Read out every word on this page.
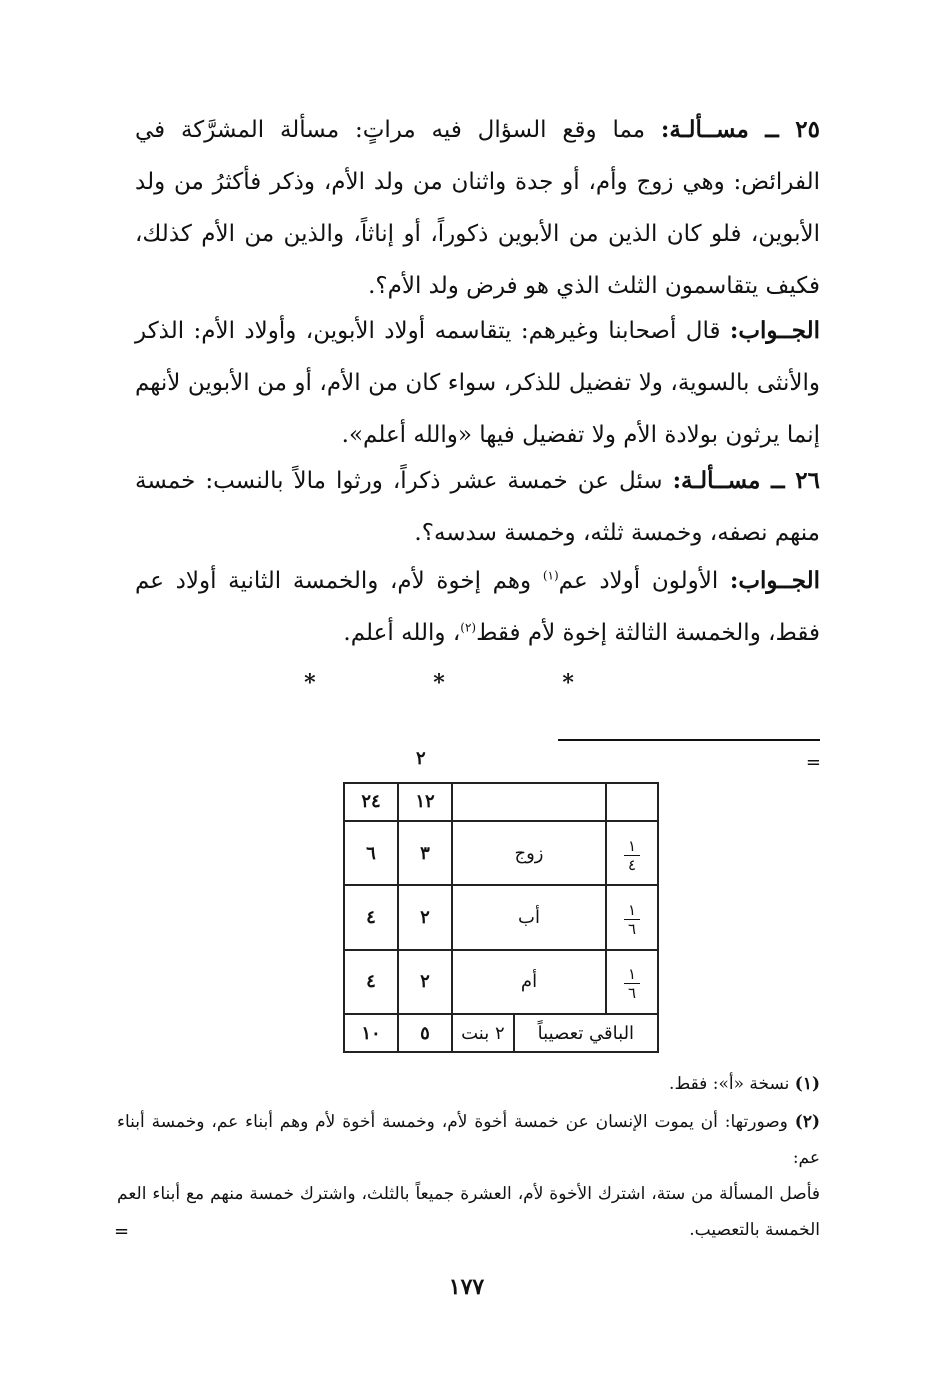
٢٥ ــ مســألـة: مما وقع السؤال فيه مراتٍ: مسألة المشرَّكة في الفرائض: وهي زوج وأم، أو جدة واثنان من ولد الأم، وذكر فأكثرُ من ولد الأبوين، فلو كان الذين من الأبوين ذكوراً، أو إناثاً، والذين من الأم كذلك، فكيف يتقاسمون الثلث الذي هو فرض ولد الأم؟.
الجــواب: قال أصحابنا وغيرهم: يتقاسمه أولاد الأبوين، وأولاد الأم: الذكر والأنثى بالسوية، ولا تفضيل للذكر، سواء كان من الأم، أو من الأبوين لأنهم إنما يرثون بولادة الأم ولا تفضيل فيها «والله أعلم».
٢٦ ــ مســألـة: سئل عن خمسة عشر ذكراً، ورثوا مالاً بالنسب: خمسة منهم نصفه، وخمسة ثلثه، وخمسة سدسه؟.
الجــواب: الأولون أولاد عم$^{(١)}$ وهم إخوة لأم، والخمسة الثانية أولاد عم فقط، والخمسة الثالثة إخوة لأم فقط$^{(٢)}$، والله أعلم.
* * *
=
٢
			١٢	٢٤

$\frac{١}{٤}$	زوج		٣	٦

$\frac{١}{٦}$	أب		٢	٤

$\frac{١}{٦}$	أم		٢	٤
الباقي تعصيباً		٢ بنت	٥	١٠
(١) نسخة «أ»: فقط.
(٢) وصورتها: أن يموت الإنسان عن خمسة أخوة لأم، وخمسة أخوة لأم وهم أبناء عم، وخمسة أبناء عم:
فأصل المسألة من ستة، اشترك الأخوة لأم، العشرة جميعاً بالثلث، واشترك خمسة منهم مع أبناء العم الخمسة بالتعصيب.
=
١٧٧
